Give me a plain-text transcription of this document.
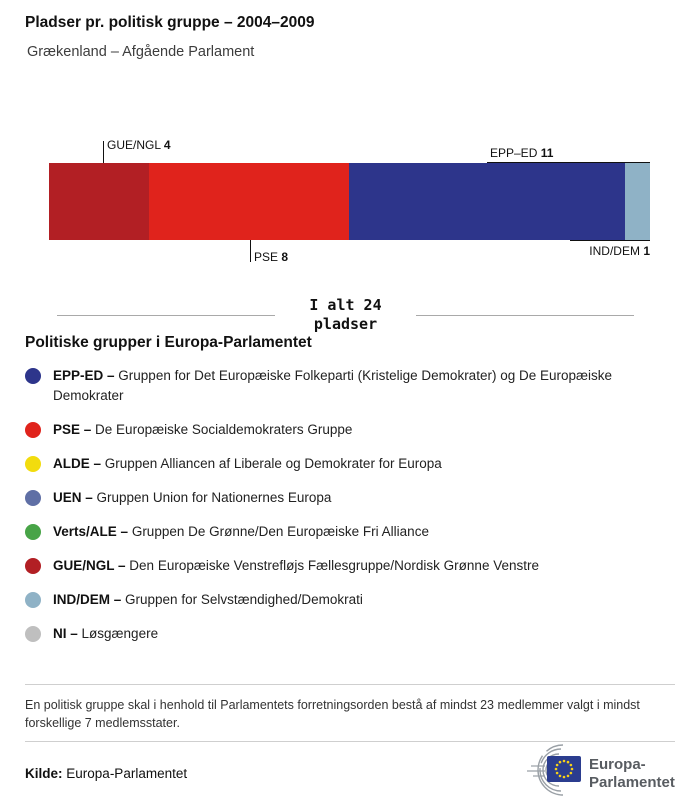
Pladser pr. politisk gruppe – 2004–2009
Grækenland – Afgående Parlament
GUE/NGL 4
EPP–ED 11
PSE 8	IND/DEM 1
I alt 24
pladser
Politiske grupper i Europa-Parlamentet
EPP-ED – Gruppen for Det Europæiske Folkeparti (Kristelige Demokrater) og De Europæiske Demokrater
PSE – De Europæiske Socialdemokraters Gruppe
ALDE – Gruppen Alliancen af Liberale og Demokrater for Europa
UEN – Gruppen Union for Nationernes Europa
Verts/ALE – Gruppen De Grønne/Den Europæiske Fri Alliance
GUE/NGL – Den Europæiske Venstrefløjs Fællesgruppe/Nordisk Grønne Venstre
IND/DEM – Gruppen for Selvstændighed/Demokrati
NI – Løsgængere
En politisk gruppe skal i henhold til Parlamentets forretningsorden bestå af mindst 23 medlemmer valgt i mindst forskellige 7 medlemsstater.
Kilde: Europa-Parlamentet
Europa-
Parlamentet
